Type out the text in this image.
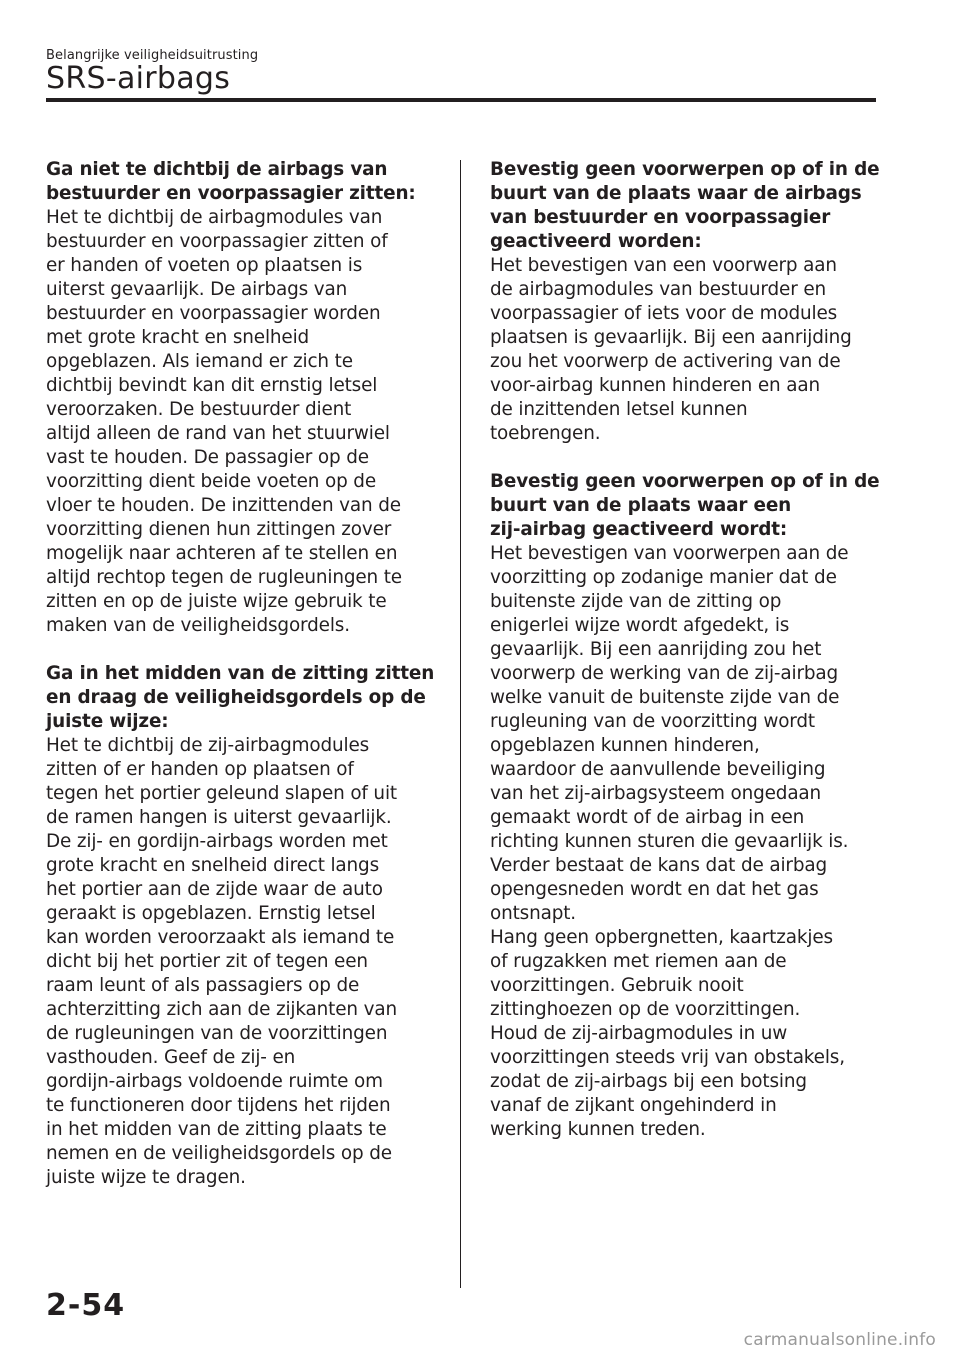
Belangrijke veiligheidsuitrusting
SRS-airbags
Ga niet te dichtbij de airbags van
bestuurder en voorpassagier zitten:
Het te dichtbij de airbagmodules van
bestuurder en voorpassagier zitten of
er handen of voeten op plaatsen is
uiterst gevaarlijk. De airbags van
bestuurder en voorpassagier worden
met grote kracht en snelheid
opgeblazen. Als iemand er zich te
dichtbij bevindt kan dit ernstig letsel
veroorzaken. De bestuurder dient
altijd alleen de rand van het stuurwiel
vast te houden. De passagier op de
voorzitting dient beide voeten op de
vloer te houden. De inzittenden van de
voorzitting dienen hun zittingen zover
mogelijk naar achteren af te stellen en
altijd rechtop tegen de rugleuningen te
zitten en op de juiste wijze gebruik te
maken van de veiligheidsgordels.
Ga in het midden van de zitting zitten
en draag de veiligheidsgordels op de
juiste wijze:
Het te dichtbij de zij-airbagmodules
zitten of er handen op plaatsen of
tegen het portier geleund slapen of uit
de ramen hangen is uiterst gevaarlijk.
De zij- en gordijn-airbags worden met
grote kracht en snelheid direct langs
het portier aan de zijde waar de auto
geraakt is opgeblazen. Ernstig letsel
kan worden veroorzaakt als iemand te
dicht bij het portier zit of tegen een
raam leunt of als passagiers op de
achterzitting zich aan de zijkanten van
de rugleuningen van de voorzittingen
vasthouden. Geef de zij- en
gordijn-airbags voldoende ruimte om
te functioneren door tijdens het rijden
in het midden van de zitting plaats te
nemen en de veiligheidsgordels op de
juiste wijze te dragen.
Bevestig geen voorwerpen op of in de
buurt van de plaats waar de airbags
van bestuurder en voorpassagier
geactiveerd worden:
Het bevestigen van een voorwerp aan
de airbagmodules van bestuurder en
voorpassagier of iets voor de modules
plaatsen is gevaarlijk. Bij een aanrijding
zou het voorwerp de activering van de
voor-airbag kunnen hinderen en aan
de inzittenden letsel kunnen
toebrengen.
Bevestig geen voorwerpen op of in de
buurt van de plaats waar een
zij-airbag geactiveerd wordt:
Het bevestigen van voorwerpen aan de
voorzitting op zodanige manier dat de
buitenste zijde van de zitting op
enigerlei wijze wordt afgedekt, is
gevaarlijk. Bij een aanrijding zou het
voorwerp de werking van de zij-airbag
welke vanuit de buitenste zijde van de
rugleuning van de voorzitting wordt
opgeblazen kunnen hinderen,
waardoor de aanvullende beveiliging
van het zij-airbagsysteem ongedaan
gemaakt wordt of de airbag in een
richting kunnen sturen die gevaarlijk is.
Verder bestaat de kans dat de airbag
opengesneden wordt en dat het gas
ontsnapt.
Hang geen opbergnetten, kaartzakjes
of rugzakken met riemen aan de
voorzittingen. Gebruik nooit
zittinghoezen op de voorzittingen.
Houd de zij-airbagmodules in uw
voorzittingen steeds vrij van obstakels,
zodat de zij-airbags bij een botsing
vanaf de zijkant ongehinderd in
werking kunnen treden.
2-54
carmanualsonline.info
